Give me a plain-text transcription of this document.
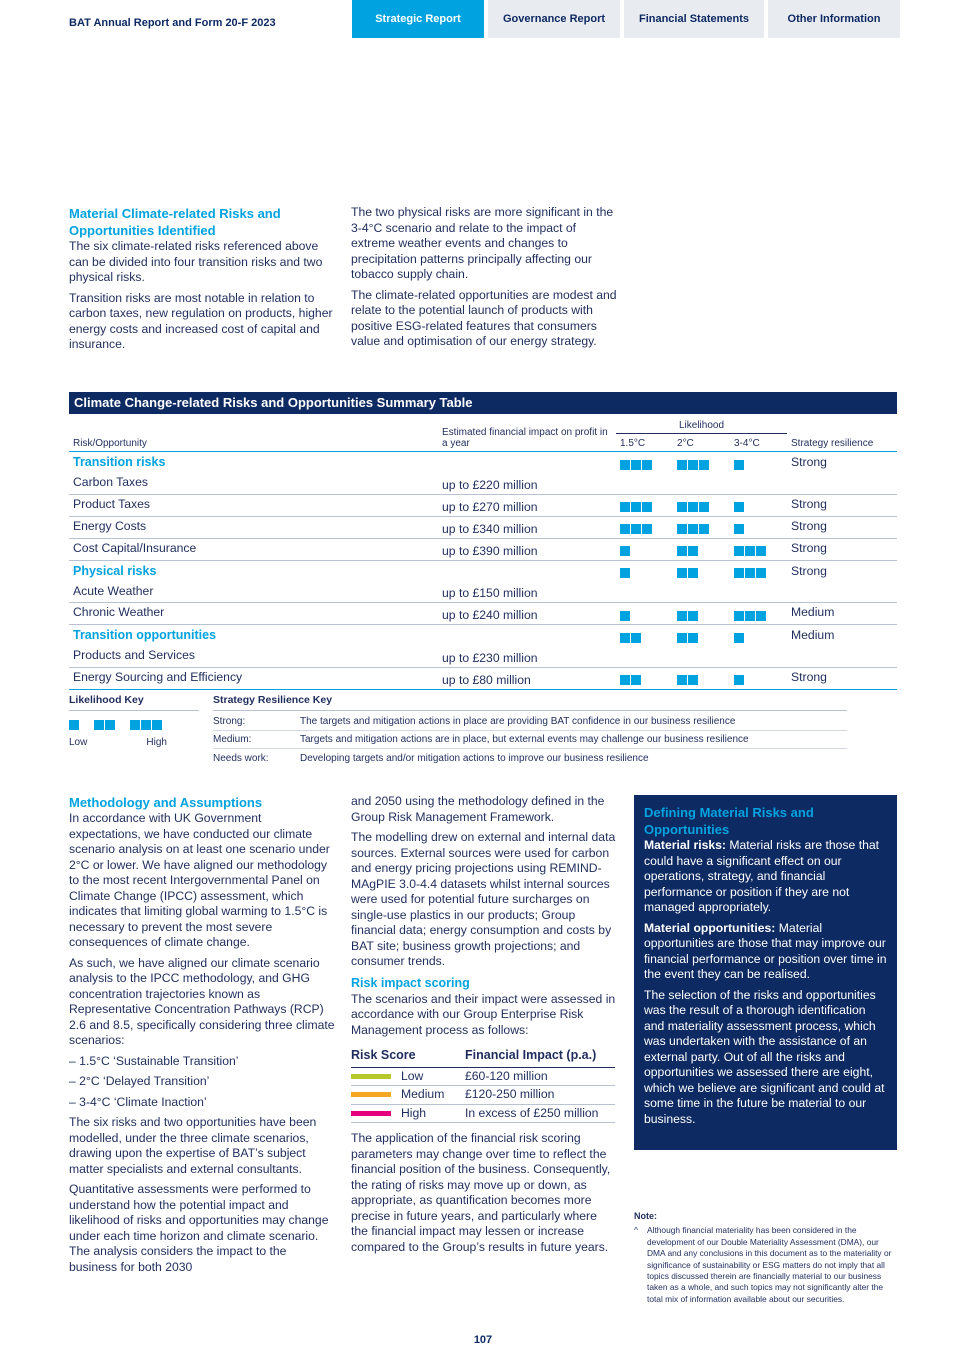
BAT Annual Report and Form 20-F 2023	Strategic Report	Governance Report	Financial Statements	Other Information
Material Climate-related Risks and Opportunities Identified

The six climate-related risks referenced above can be divided into four transition risks and two physical risks.

Transition risks are most notable in relation to carbon taxes, new regulation on products, higher energy costs and increased cost of capital and insurance.

The two physical risks are more significant in the 3-4°C scenario and relate to the impact of extreme weather events and changes to precipitation patterns principally affecting our tobacco supply chain.

The climate-related opportunities are modest and relate to the potential launch of products with positive ESG-related features that consumers value and optimisation of our energy strategy.

Climate Change-related Risks and Opportunities Summary Table
Risk/Opportunity	Estimated financial impact on profit in a year	Likelihood			Strategy resilience
		1.5°C	2°C	3-4°C	
Transition risks					Strong
Carbon Taxes	up to £220 million				
Product Taxes	up to £270 million				Strong
Energy Costs	up to £340 million				Strong
Cost Capital/Insurance	up to £390 million				Strong
Physical risks					Strong
Acute Weather	up to £150 million				
Chronic Weather	up to £240 million				Medium
Transition opportunities					Medium
Products and Services	up to £230 million				
Energy Sourcing and Efficiency	up to £80 million				Strong
Likelihood Key
Low	High
Strategy Resilience Key
Strong:	The targets and mitigation actions in place are providing BAT confidence in our business resilience
Medium:	Targets and mitigation actions are in place, but external events may challenge our business resilience
Needs work:	Developing targets and/or mitigation actions to improve our business resilience
Methodology and Assumptions

In accordance with UK Government expectations, we have conducted our climate scenario analysis on at least one scenario under 2°C or lower. We have aligned our methodology to the most recent Intergovernmental Panel on Climate Change (IPCC) assessment, which indicates that limiting global warming to 1.5°C is necessary to prevent the most severe consequences of climate change.

As such, we have aligned our climate scenario analysis to the IPCC methodology, and GHG concentration trajectories known as Representative Concentration Pathways (RCP) 2.6 and 8.5, specifically considering three climate scenarios:

– 1.5°C ‘Sustainable Transition’

– 2°C ‘Delayed Transition’

– 3-4°C ‘Climate Inaction’

The six risks and two opportunities have been modelled, under the three climate scenarios, drawing upon the expertise of BAT’s subject matter specialists and external consultants.

Quantitative assessments were performed to understand how the potential impact and likelihood of risks and opportunities may change under each time horizon and climate scenario. The analysis considers the impact to the business for both 2030

and 2050 using the methodology defined in the Group Risk Management Framework.

The modelling drew on external and internal data sources. External sources were used for carbon and energy pricing projections using REMIND-MAgPIE 3.0-4.4 datasets whilst internal sources were used for potential future surcharges on single-use plastics in our products; Group financial data; energy consumption and costs by BAT site; business growth projections; and consumer trends.

Risk impact scoring

The scenarios and their impact were assessed in accordance with our Group Enterprise Risk Management process as follows:

Risk Score	Financial Impact (p.a.)
Low	£60-120 million
Medium	£120-250 million
High	In excess of £250 million

The application of the financial risk scoring parameters may change over time to reflect the financial position of the business. Consequently, the rating of risks may move up or down, as appropriate, as quantification becomes more precise in future years, and particularly where the financial impact may lessen or increase compared to the Group’s results in future years.

Defining Material Risks and Opportunities

Material risks: Material risks are those that could have a significant effect on our operations, strategy, and financial performance or position if they are not managed appropriately.

Material opportunities: Material opportunities are those that may improve our financial performance or position over time in the event they can be realised.

The selection of the risks and opportunities was the result of a thorough identification and materiality assessment process, which was undertaken with the assistance of an external party. Out of all the risks and opportunities we assessed there are eight, which we believe are significant and could at some time in the future be material to our business.

Note:
^	Although financial materiality has been considered in the development of our Double Materiality Assessment (DMA), our DMA and any conclusions in this document as to the materiality or significance of sustainability or ESG matters do not imply that all topics discussed therein are financially material to our business taken as a whole, and such topics may not significantly alter the total mix of information available about our securities.
107
